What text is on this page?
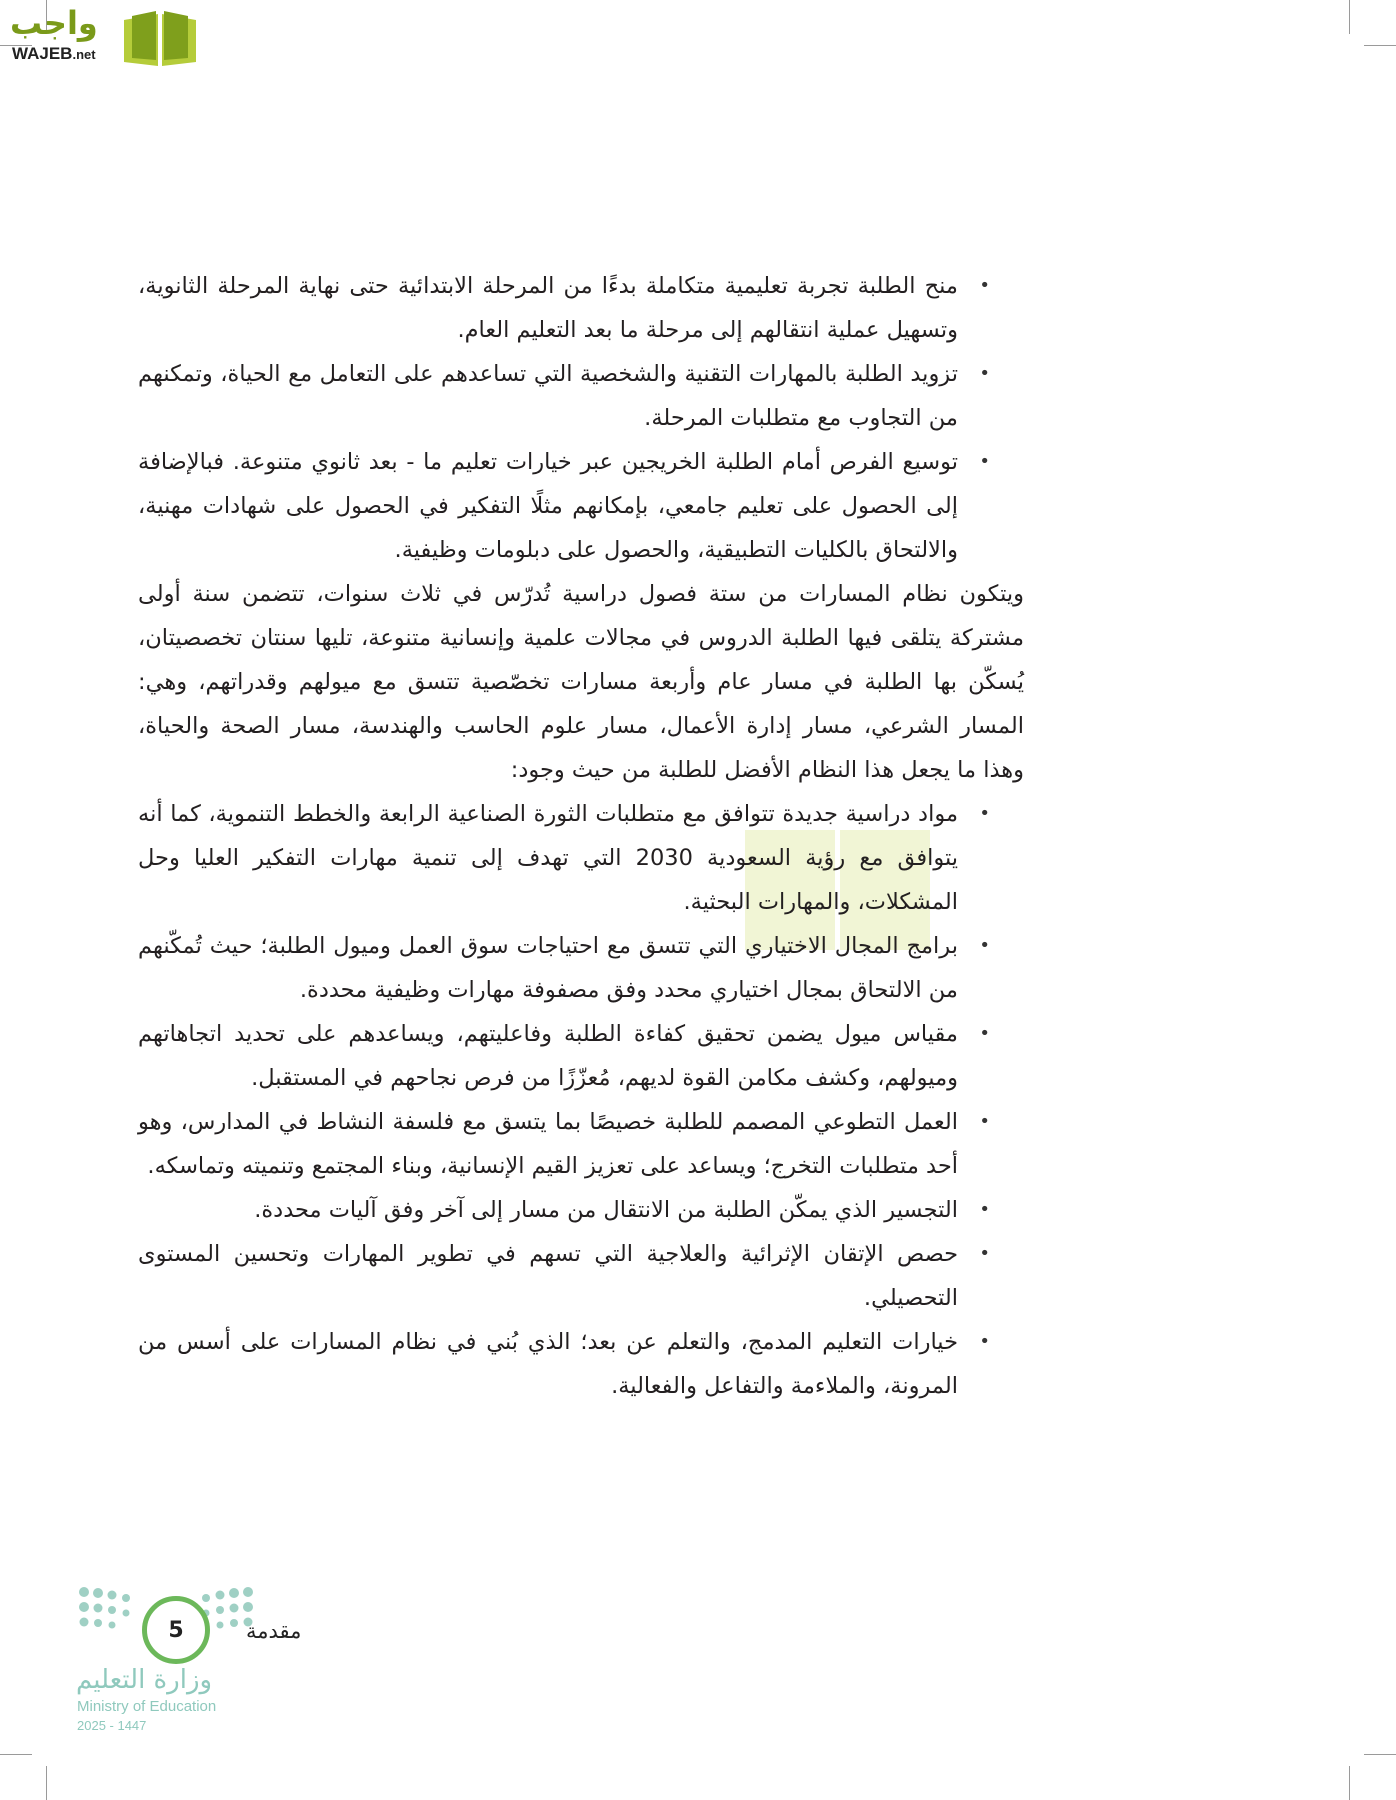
واجب
WAJEB.net
• منح الطلبة تجربة تعليمية متكاملة بدءًا من المرحلة الابتدائية حتى نهاية المرحلة الثانوية، وتسهيل عملية انتقالهم إلى مرحلة ما بعد التعليم العام.
• تزويد الطلبة بالمهارات التقنية والشخصية التي تساعدهم على التعامل مع الحياة، وتمكنهم من التجاوب مع متطلبات المرحلة.
• توسيع الفرص أمام الطلبة الخريجين عبر خيارات تعليم ما - بعد ثانوي متنوعة. فبالإضافة إلى الحصول على تعليم جامعي، بإمكانهم مثلًا التفكير في الحصول على شهادات مهنية، والالتحاق بالكليات التطبيقية، والحصول على دبلومات وظيفية.

ويتكون نظام المسارات من ستة فصول دراسية تُدرّس في ثلاث سنوات، تتضمن سنة أولى مشتركة يتلقى فيها الطلبة الدروس في مجالات علمية وإنسانية متنوعة، تليها سنتان تخصصيتان، يُسكّن بها الطلبة في مسار عام وأربعة مسارات تخصّصية تتسق مع ميولهم وقدراتهم، وهي: المسار الشرعي، مسار إدارة الأعمال، مسار علوم الحاسب والهندسة، مسار الصحة والحياة، وهذا ما يجعل هذا النظام الأفضل للطلبة من حيث وجود:

• مواد دراسية جديدة تتوافق مع متطلبات الثورة الصناعية الرابعة والخطط التنموية، كما أنه يتوافق مع رؤية السعودية 2030 التي تهدف إلى تنمية مهارات التفكير العليا وحل المشكلات، والمهارات البحثية.
• برامج المجال الاختياري التي تتسق مع احتياجات سوق العمل وميول الطلبة؛ حيث تُمكّنهم من الالتحاق بمجال اختياري محدد وفق مصفوفة مهارات وظيفية محددة.
• مقياس ميول يضمن تحقيق كفاءة الطلبة وفاعليتهم، ويساعدهم على تحديد اتجاهاتهم وميولهم، وكشف مكامن القوة لديهم، مُعزّزًا من فرص نجاحهم في المستقبل.
• العمل التطوعي المصمم للطلبة خصيصًا بما يتسق مع فلسفة النشاط في المدارس، وهو أحد متطلبات التخرج؛ ويساعد على تعزيز القيم الإنسانية، وبناء المجتمع وتنميته وتماسكه.
• التجسير الذي يمكّن الطلبة من الانتقال من مسار إلى آخر وفق آليات محددة.
• حصص الإتقان الإثرائية والعلاجية التي تسهم في تطوير المهارات وتحسين المستوى التحصيلي.
• خيارات التعليم المدمج، والتعلم عن بعد؛ الذي بُني في نظام المسارات على أسس من المرونة، والملاءمة والتفاعل والفعالية.
5	مقدمة
وزارة التعليم
Ministry of Education
2025 - 1447
